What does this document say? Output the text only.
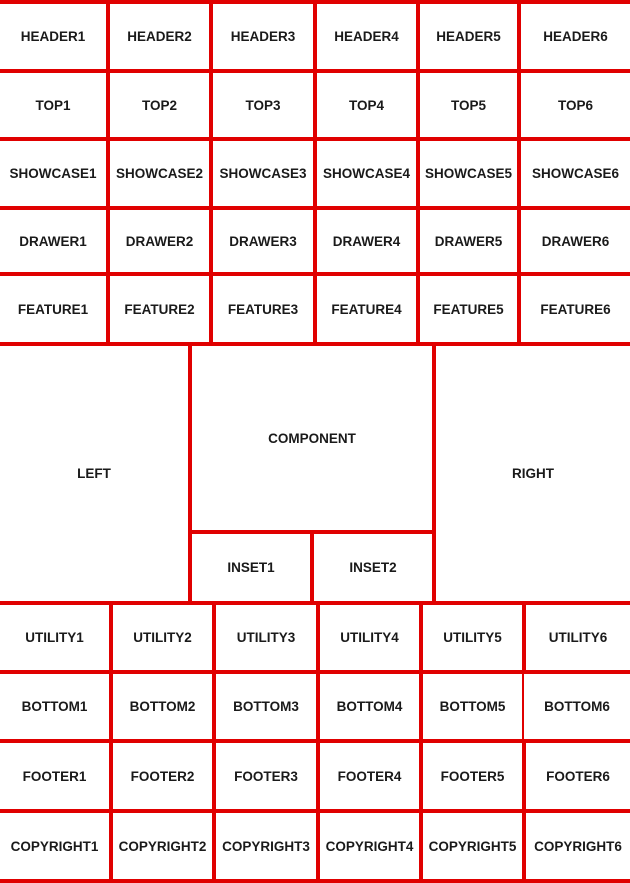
HEADER1	HEADER2	HEADER3	HEADER4	HEADER5	HEADER6
TOP1	TOP2	TOP3	TOP4	TOP5	TOP6
SHOWCASE1	SHOWCASE2	SHOWCASE3	SHOWCASE4	SHOWCASE5	SHOWCASE6
DRAWER1	DRAWER2	DRAWER3	DRAWER4	DRAWER5	DRAWER6
FEATURE1	FEATURE2	FEATURE3	FEATURE4	FEATURE5	FEATURE6
LEFT
COMPONENT
INSET1	INSET2
RIGHT
UTILITY1	UTILITY2	UTILITY3	UTILITY4	UTILITY5	UTILITY6
BOTTOM1	BOTTOM2	BOTTOM3	BOTTOM4	BOTTOM5	BOTTOM6
FOOTER1	FOOTER2	FOOTER3	FOOTER4	FOOTER5	FOOTER6
COPYRIGHT1	COPYRIGHT2	COPYRIGHT3	COPYRIGHT4	COPYRIGHT5	COPYRIGHT6
